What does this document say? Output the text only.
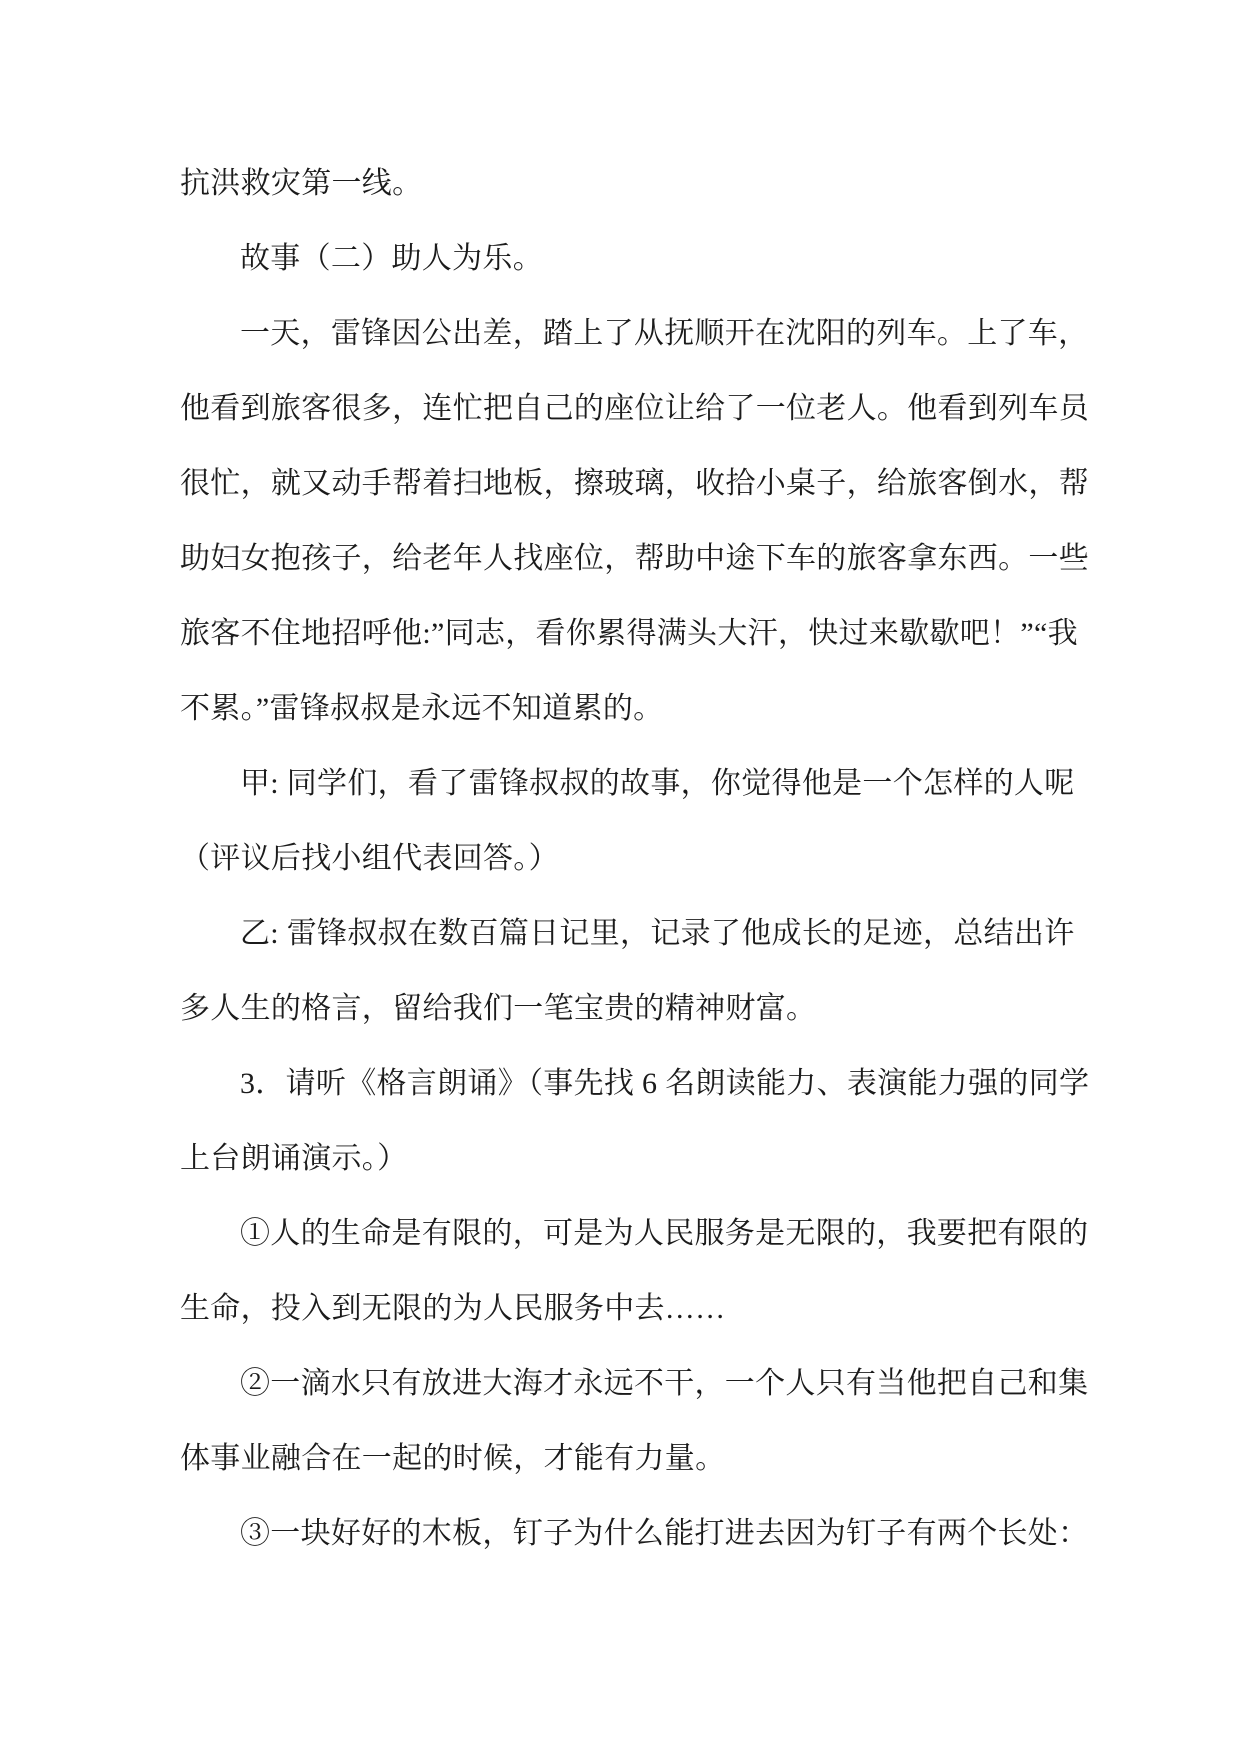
抗洪救灾第一线。
故事（二）助人为乐。
一天，雷锋因公出差，踏上了从抚顺开在沈阳的列车。上了车，
他看到旅客很多，连忙把自己的座位让给了一位老人。他看到列车员
很忙，就又动手帮着扫地板，擦玻璃，收拾小桌子，给旅客倒水，帮
助妇女抱孩子，给老年人找座位，帮助中途下车的旅客拿东西。一些
旅客不住地招呼他:”同志，看你累得满头大汗，快过来歇歇吧！”“我
不累。”雷锋叔叔是永远不知道累的。
甲: 同学们，看了雷锋叔叔的故事，你觉得他是一个怎样的人呢
（评议后找小组代表回答。）
乙: 雷锋叔叔在数百篇日记里，记录了他成长的足迹，总结出许
多人生的格言，留给我们一笔宝贵的精神财富。
3．请听《格言朗诵》（事先找 6 名朗读能力、表演能力强的同学
上台朗诵演示。）
①人的生命是有限的，可是为人民服务是无限的，我要把有限的
生命，投入到无限的为人民服务中去……
②一滴水只有放进大海才永远不干，一个人只有当他把自己和集
体事业融合在一起的时候，才能有力量。
③一块好好的木板，钉子为什么能打进去因为钉子有两个长处：
